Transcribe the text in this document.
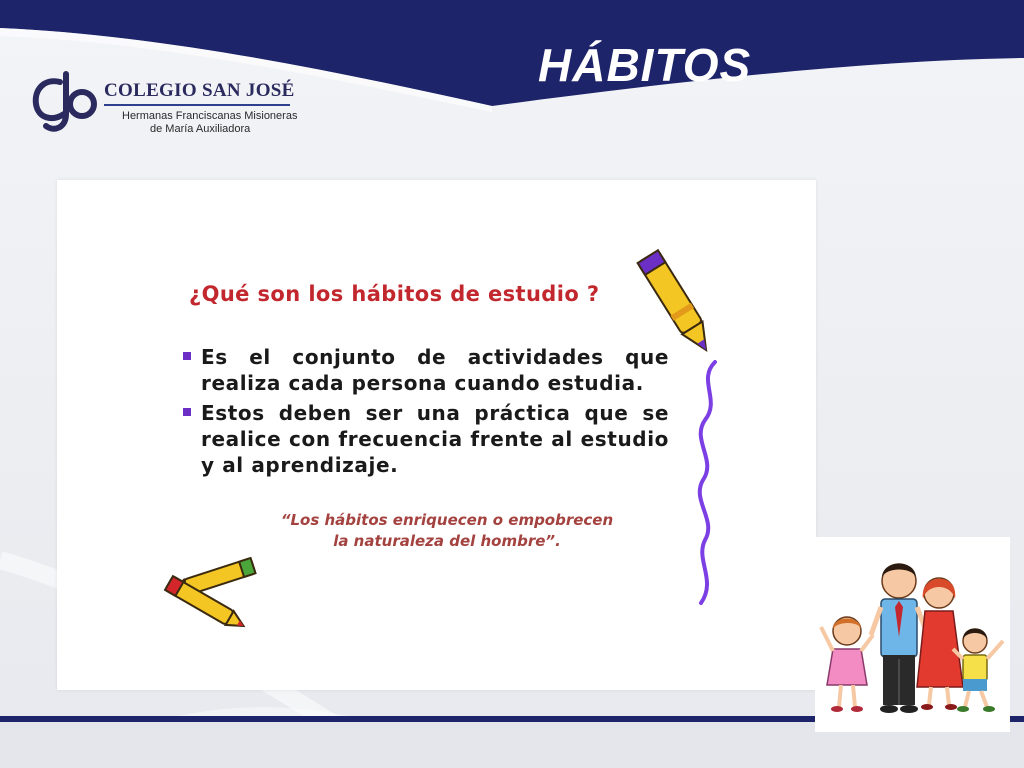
HÁBITOS
COLEGIO SAN JOSÉ
Hermanas Franciscanas Misioneras
de María Auxiliadora
¿Qué son los hábitos de estudio ?
Es el conjunto de actividades que realiza cada persona cuando estudia.
Estos deben ser una práctica que se realice con frecuencia frente al estudio y al aprendizaje.
“Los hábitos enriquecen o empobrecen
la naturaleza del hombre”.
